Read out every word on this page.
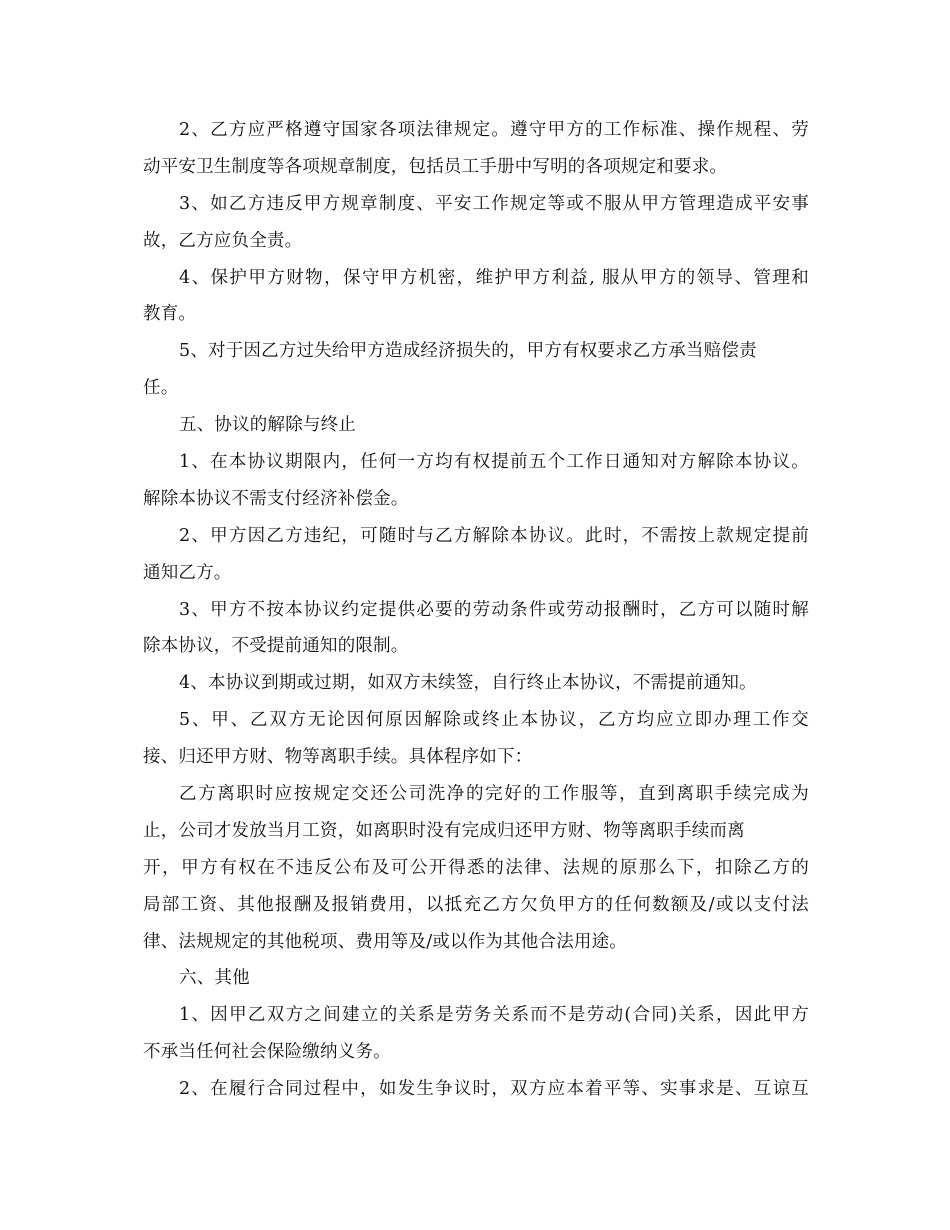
2、乙方应严格遵守国家各项法律规定。遵守甲方的工作标准、操作规程、劳
动平安卫生制度等各项规章制度，包括员工手册中写明的各项规定和要求。
3、如乙方违反甲方规章制度、平安工作规定等或不服从甲方管理造成平安事
故，乙方应负全责。
4、保护甲方财物，保守甲方机密，维护甲方利益, 服从甲方的领导、管理和
教育。
5、对于因乙方过失给甲方造成经济损失的，甲方有权要求乙方承当赔偿责
任。
五、协议的解除与终止
1、在本协议期限内，任何一方均有权提前五个工作日通知对方解除本协议。
解除本协议不需支付经济补偿金。
2、甲方因乙方违纪，可随时与乙方解除本协议。此时，不需按上款规定提前
通知乙方。
3、甲方不按本协议约定提供必要的劳动条件或劳动报酬时，乙方可以随时解
除本协议，不受提前通知的限制。
4、本协议到期或过期，如双方未续签，自行终止本协议，不需提前通知。
5、甲、乙双方无论因何原因解除或终止本协议，乙方均应立即办理工作交
接、归还甲方财、物等离职手续。具体程序如下：
乙方离职时应按规定交还公司洗净的完好的工作服等，直到离职手续完成为
止，公司才发放当月工资，如离职时没有完成归还甲方财、物等离职手续而离
开，甲方有权在不违反公布及可公开得悉的法律、法规的原那么下，扣除乙方的
局部工资、其他报酬及报销费用，以抵充乙方欠负甲方的任何数额及/或以支付法
律、法规规定的其他税项、费用等及/或以作为其他合法用途。
六、其他
1、因甲乙双方之间建立的关系是劳务关系而不是劳动(合同)关系，因此甲方
不承当任何社会保险缴纳义务。
2、在履行合同过程中，如发生争议时，双方应本着平等、实事求是、互谅互
